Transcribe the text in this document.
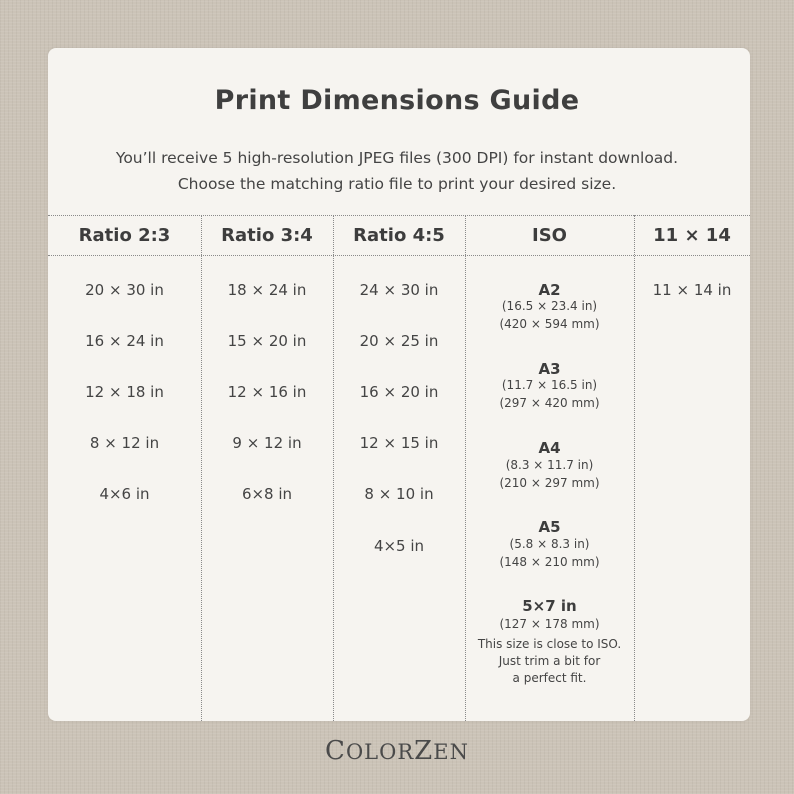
Print Dimensions Guide
You’ll receive 5 high-resolution JPEG files (300 DPI) for instant download.
Choose the matching ratio file to print your desired size.
Ratio 2:3
20 × 30 in
16 × 24 in
12 × 18 in
8 × 12 in
4×6 in
Ratio 3:4
18 × 24 in
15 × 20 in
12 × 16 in
9 × 12 in
6×8 in
Ratio 4:5
24 × 30 in
20 × 25 in
16 × 20 in
12 × 15 in
8 × 10 in
4×5 in
ISO
A2
(16.5 × 23.4 in)
(420 × 594 mm)
A3
(11.7 × 16.5 in)
(297 × 420 mm)
A4
(8.3 × 11.7 in)
(210 × 297 mm)
A5
(5.8 × 8.3 in)
(148 × 210 mm)
5×7 in
(127 × 178 mm)
This size is close to ISO.
Just trim a bit for
a perfect fit.
11 × 14
11 × 14 in
COLORZEN
